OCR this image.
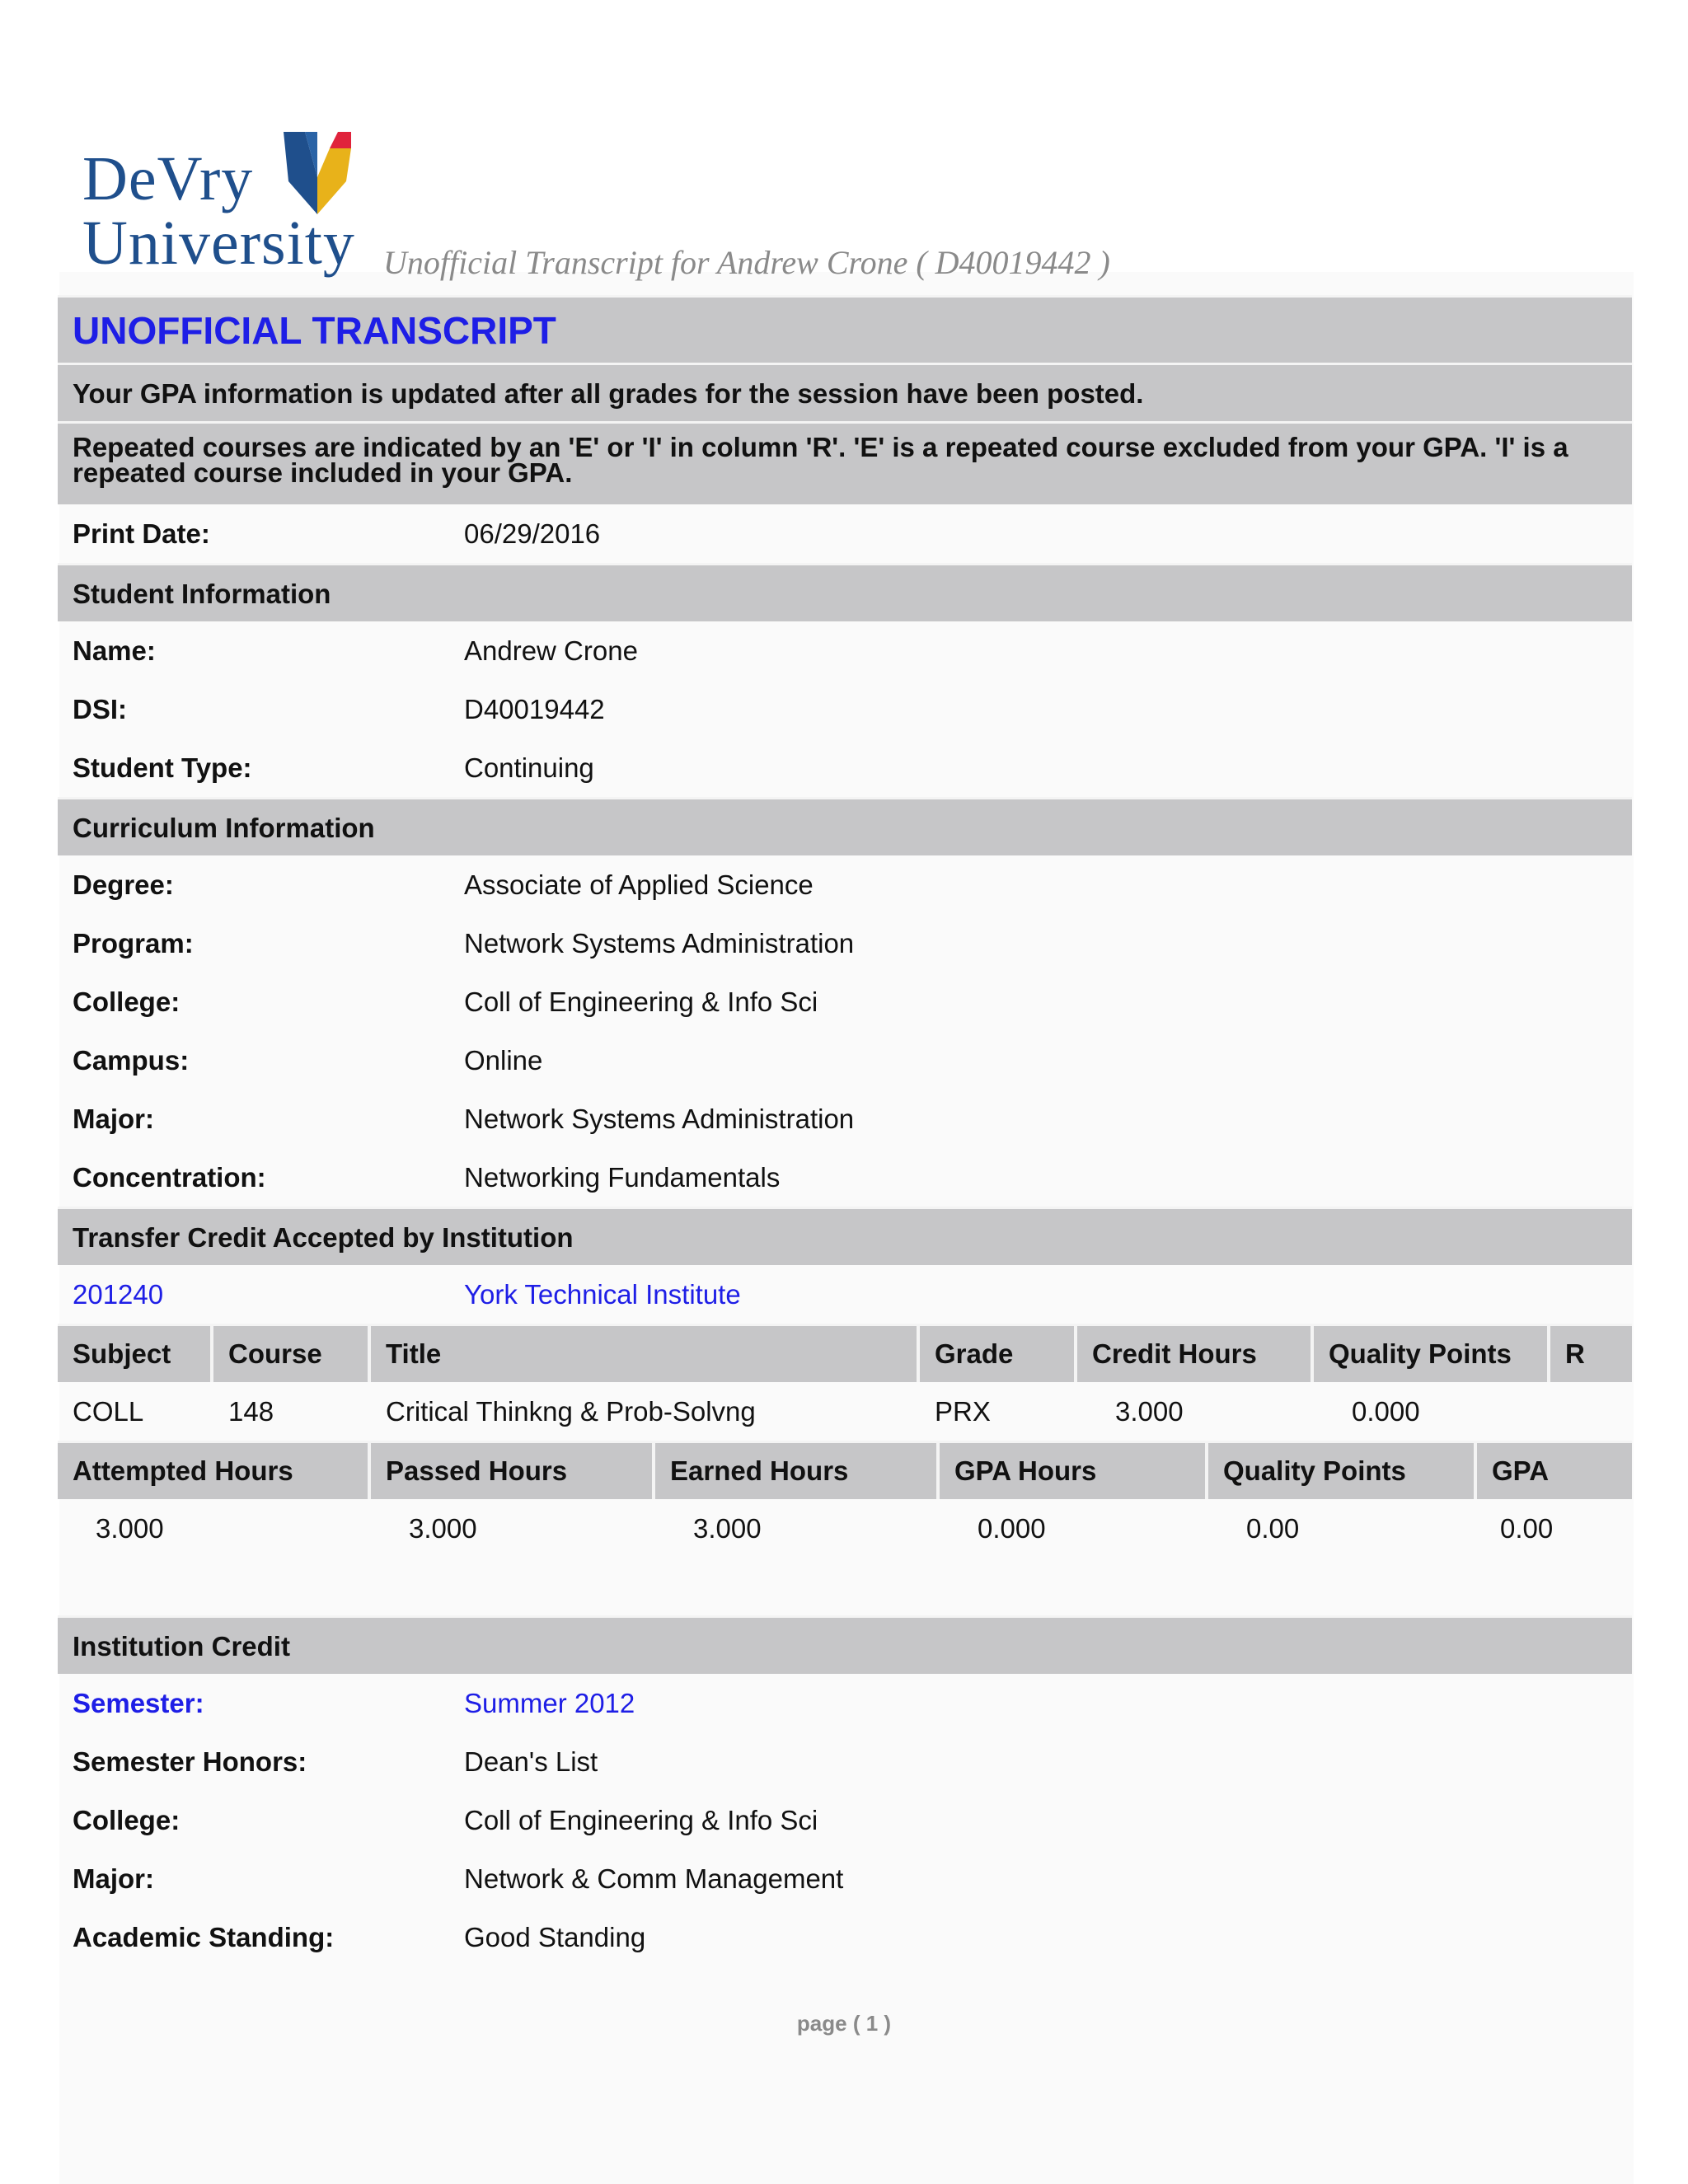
DeVry
University Unofficial Transcript for Andrew Crone ( D40019442 )
UNOFFICIAL TRANSCRIPT
Your GPA information is updated after all grades for the session have been posted.
Repeated courses are indicated by an 'E' or 'I' in column 'R'. 'E' is a repeated course excluded from your GPA. 'I' is a repeated course included in your GPA.
Print Date:	06/29/2016
Student Information
Name:	Andrew Crone
DSI:	D40019442
Student Type:	Continuing
Curriculum Information
Degree:	Associate of Applied Science
Program:	Network Systems Administration
College:	Coll of Engineering & Info Sci
Campus:	Online
Major:	Network Systems Administration
Concentration:	Networking Fundamentals
Transfer Credit Accepted by Institution
201240	York Technical Institute
Subject	Course	Title	Grade	Credit Hours	Quality Points	R
COLL	148	Critical Thinkng & Prob-Solvng	PRX	3.000	0.000
Attempted Hours	Passed Hours	Earned Hours	GPA Hours	Quality Points	GPA
3.000	3.000	3.000	0.000	0.00	0.00
Institution Credit
Semester:	Summer 2012
Semester Honors:	Dean's List
College:	Coll of Engineering & Info Sci
Major:	Network & Comm Management
Academic Standing:	Good Standing
page ( 1 )
